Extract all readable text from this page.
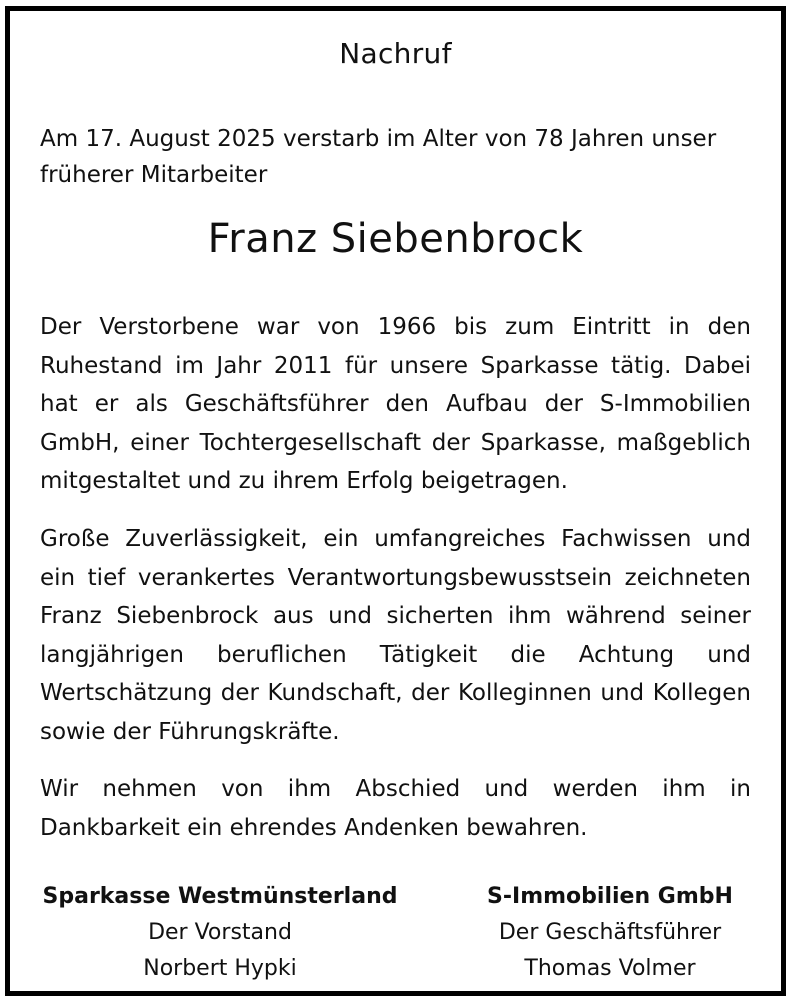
Nachruf
Am 17. August 2025 verstarb im Alter von 78 Jahren unser früherer Mitarbeiter
Franz Siebenbrock
Der Verstorbene war von 1966 bis zum Eintritt in den Ruhestand im Jahr 2011 für unsere Sparkasse tätig. Dabei hat er als Geschäftsführer den Aufbau der S-Immobilien GmbH, einer Tochtergesellschaft der Sparkasse, maßgeblich mitgestaltet und zu ihrem Erfolg beigetragen.
Große Zuverlässigkeit, ein umfangreiches Fachwissen und ein tief verankertes Verantwortungsbewusstsein zeichneten Franz Siebenbrock aus und sicherten ihm während seiner langjährigen beruflichen Tätigkeit die Achtung und Wertschätzung der Kundschaft, der Kolleginnen und Kollegen sowie der Führungskräfte.
Wir nehmen von ihm Abschied und werden ihm in Dankbarkeit ein ehrendes Andenken bewahren.
Sparkasse Westmünsterland
Der Vorstand
Norbert Hypki
S-Immobilien GmbH
Der Geschäftsführer
Thomas Volmer
